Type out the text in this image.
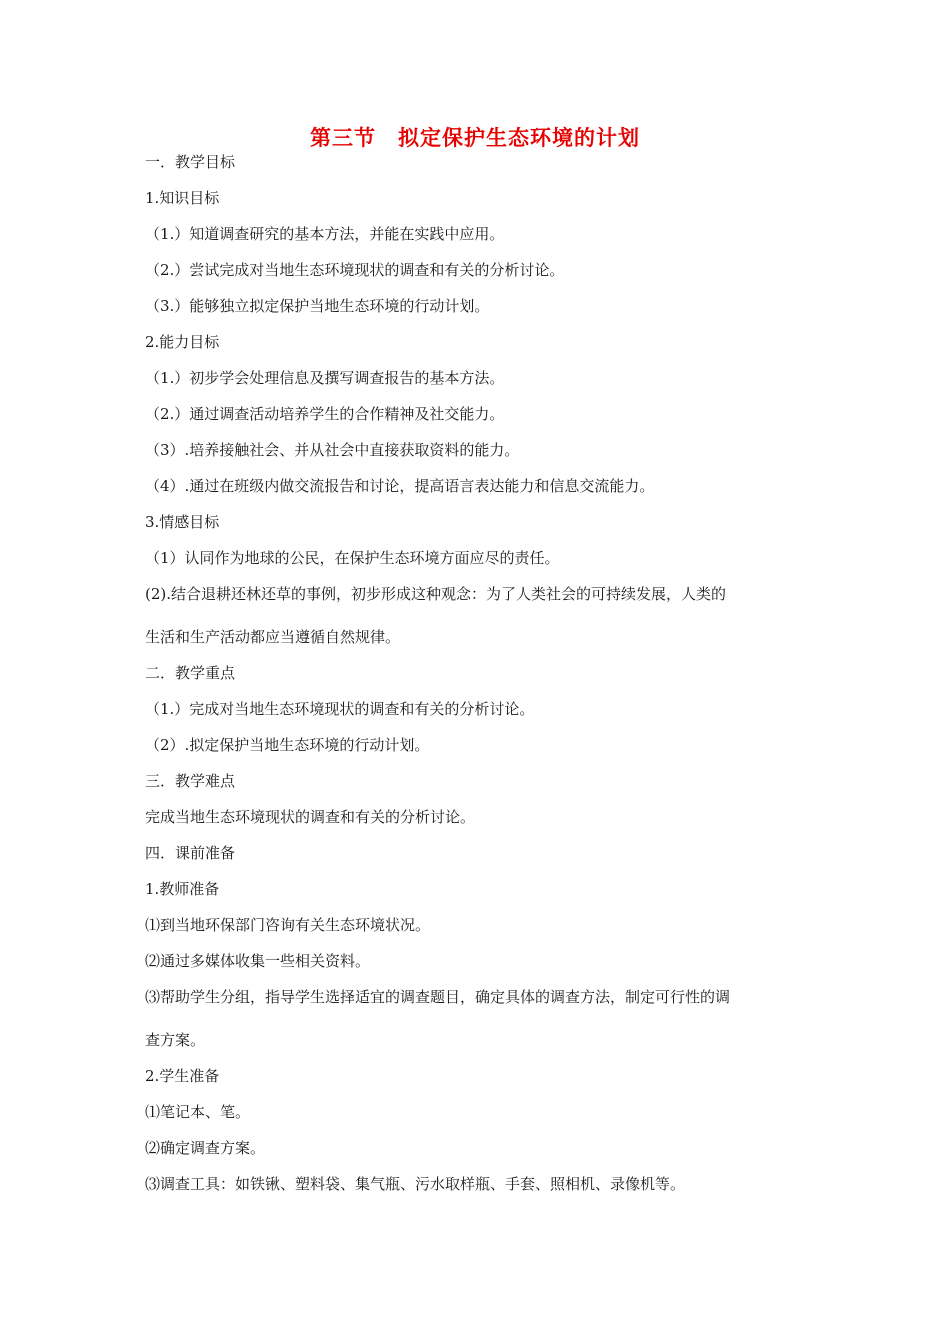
第三节　拟定保护生态环境的计划
一．教学目标
1.知识目标
（1.）知道调查研究的基本方法，并能在实践中应用。
（2.）尝试完成对当地生态环境现状的调查和有关的分析讨论。
（3.）能够独立拟定保护当地生态环境的行动计划。
2.能力目标
（1.）初步学会处理信息及撰写调查报告的基本方法。
（2.）通过调查活动培养学生的合作精神及社交能力。
（3）.培养接触社会、并从社会中直接获取资料的能力。
（4）.通过在班级内做交流报告和讨论，提高语言表达能力和信息交流能力。
3.情感目标
（1）认同作为地球的公民，在保护生态环境方面应尽的责任。
(2).结合退耕还林还草的事例，初步形成这种观念：为了人类社会的可持续发展，人类的
生活和生产活动都应当遵循自然规律。
二．教学重点
（1.）完成对当地生态环境现状的调查和有关的分析讨论。
（2）.拟定保护当地生态环境的行动计划。
三．教学难点
完成当地生态环境现状的调查和有关的分析讨论。
四．课前准备
1.教师准备
⑴到当地环保部门咨询有关生态环境状况。
⑵通过多媒体收集一些相关资料。
⑶帮助学生分组，指导学生选择适宜的调查题目，确定具体的调查方法，制定可行性的调
查方案。
2.学生准备
⑴笔记本、笔。
⑵确定调查方案。
⑶调查工具：如铁锹、塑料袋、集气瓶、污水取样瓶、手套、照相机、录像机等。
